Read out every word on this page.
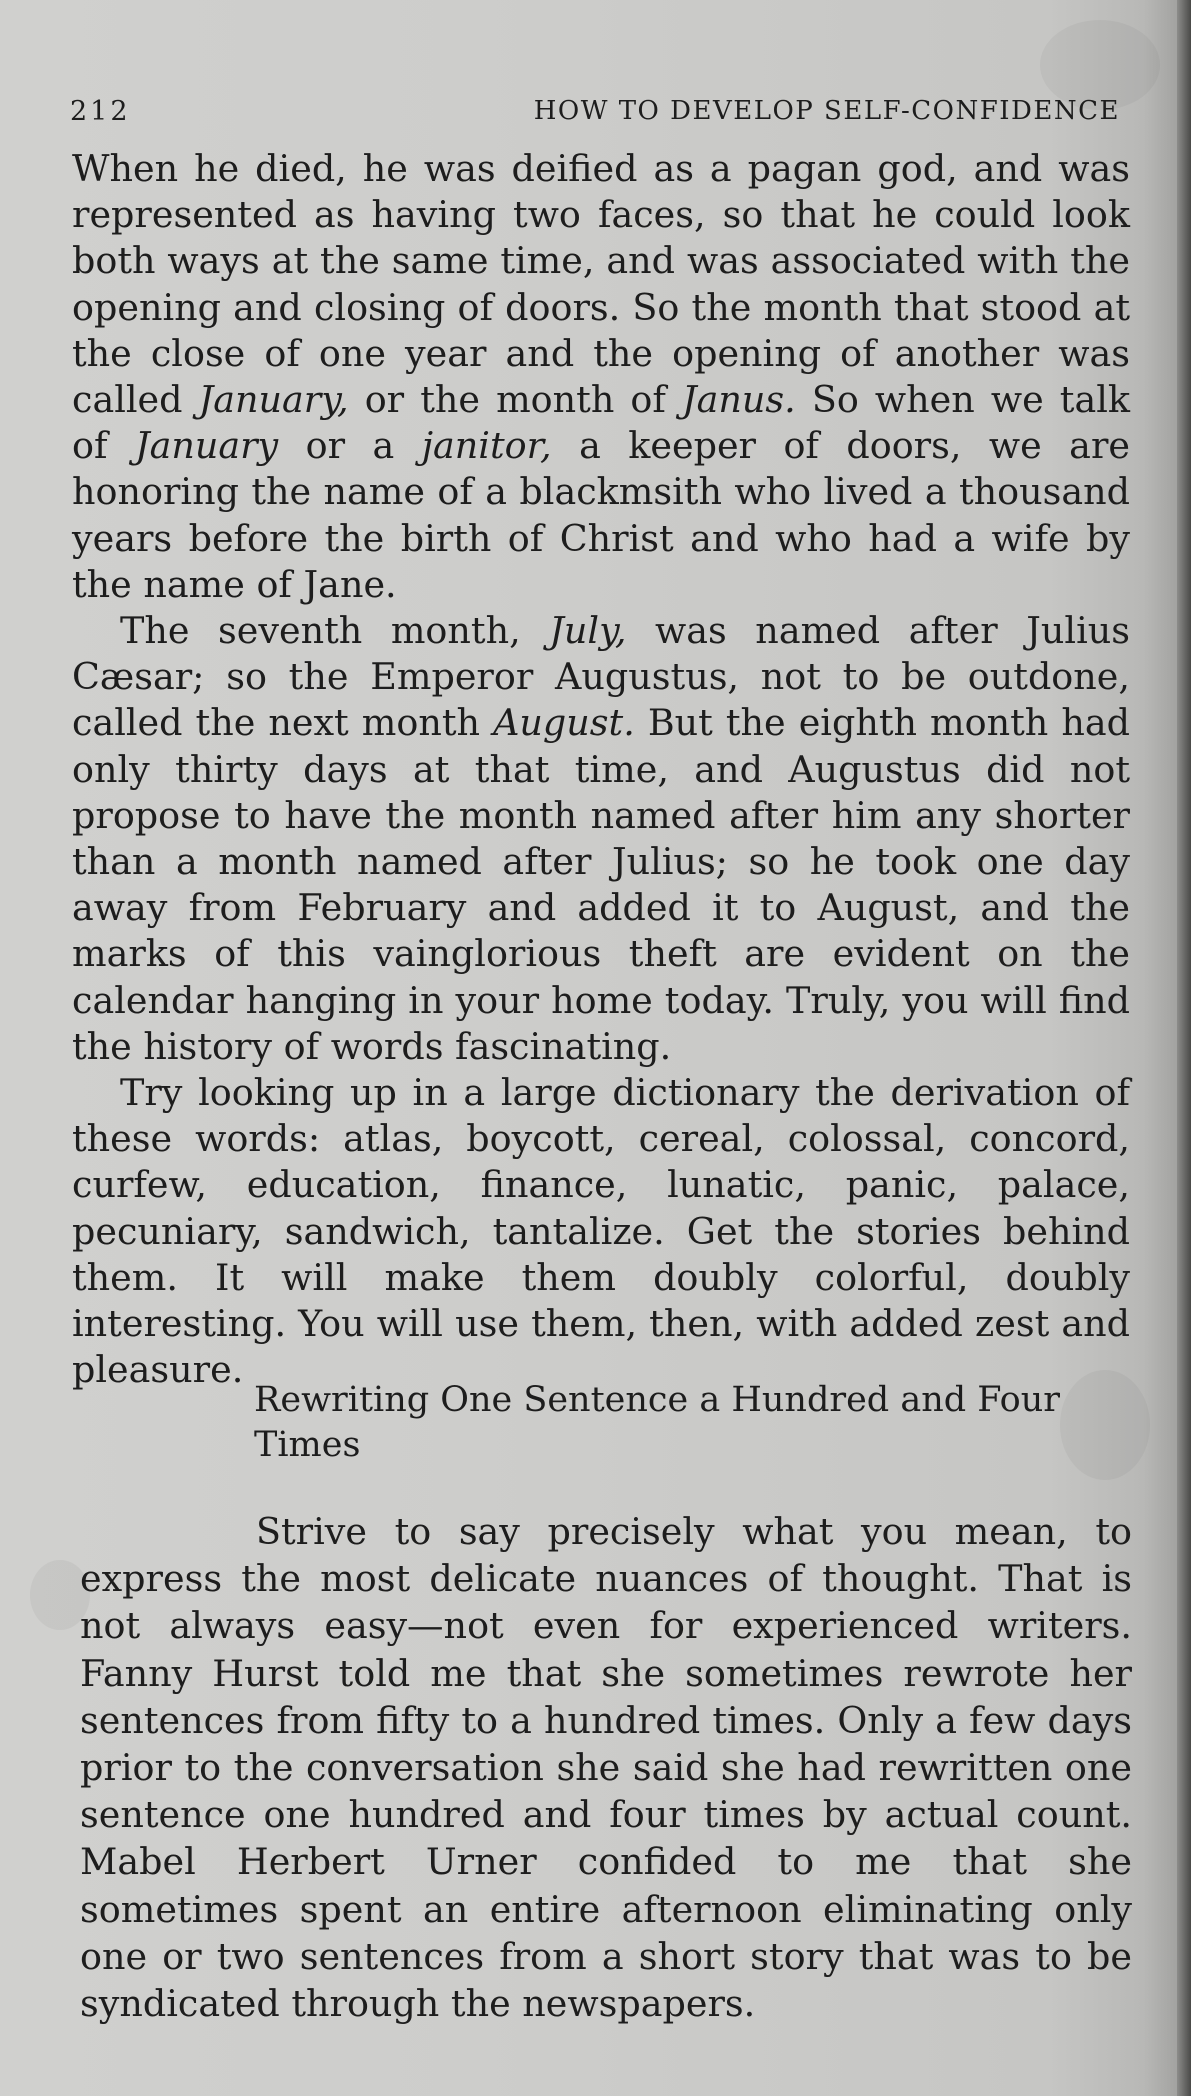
212	HOW TO DEVELOP SELF-CONFIDENCE

When he died, he was deified as a pagan god, and was represented as having two faces, so that he could look both ways at the same time, and was associated with the opening and closing of doors. So the month that stood at the close of one year and the opening of another was called January, or the month of Janus. So when we talk of January or a janitor, a keeper of doors, we are honoring the name of a blackmsith who lived a thousand years before the birth of Christ and who had a wife by the name of Jane.

The seventh month, July, was named after Julius Cæsar; so the Emperor Augustus, not to be outdone, called the next month August. But the eighth month had only thirty days at that time, and Augustus did not propose to have the month named after him any shorter than a month named after Julius; so he took one day away from February and added it to August, and the marks of this vainglorious theft are evident on the calendar hanging in your home today. Truly, you will find the history of words fascinating.

Try looking up in a large dictionary the derivation of these words: atlas, boycott, cereal, colossal, concord, curfew, education, finance, lunatic, panic, palace, pecuniary, sandwich, tantalize. Get the stories behind them. It will make them doubly colorful, doubly interesting. You will use them, then, with added zest and pleasure.

Rewriting One Sentence a Hundred and Four Times

Strive to say precisely what you mean, to express the most delicate nuances of thought. That is not always easy—not even for experienced writers. Fanny Hurst told me that she sometimes rewrote her sentences from fifty to a hundred times. Only a few days prior to the conversation she said she had rewritten one sentence one hundred and four times by actual count. Mabel Herbert Urner confided to me that she sometimes spent an entire afternoon eliminating only one or two sentences from a short story that was to be syndicated through the newspapers.
